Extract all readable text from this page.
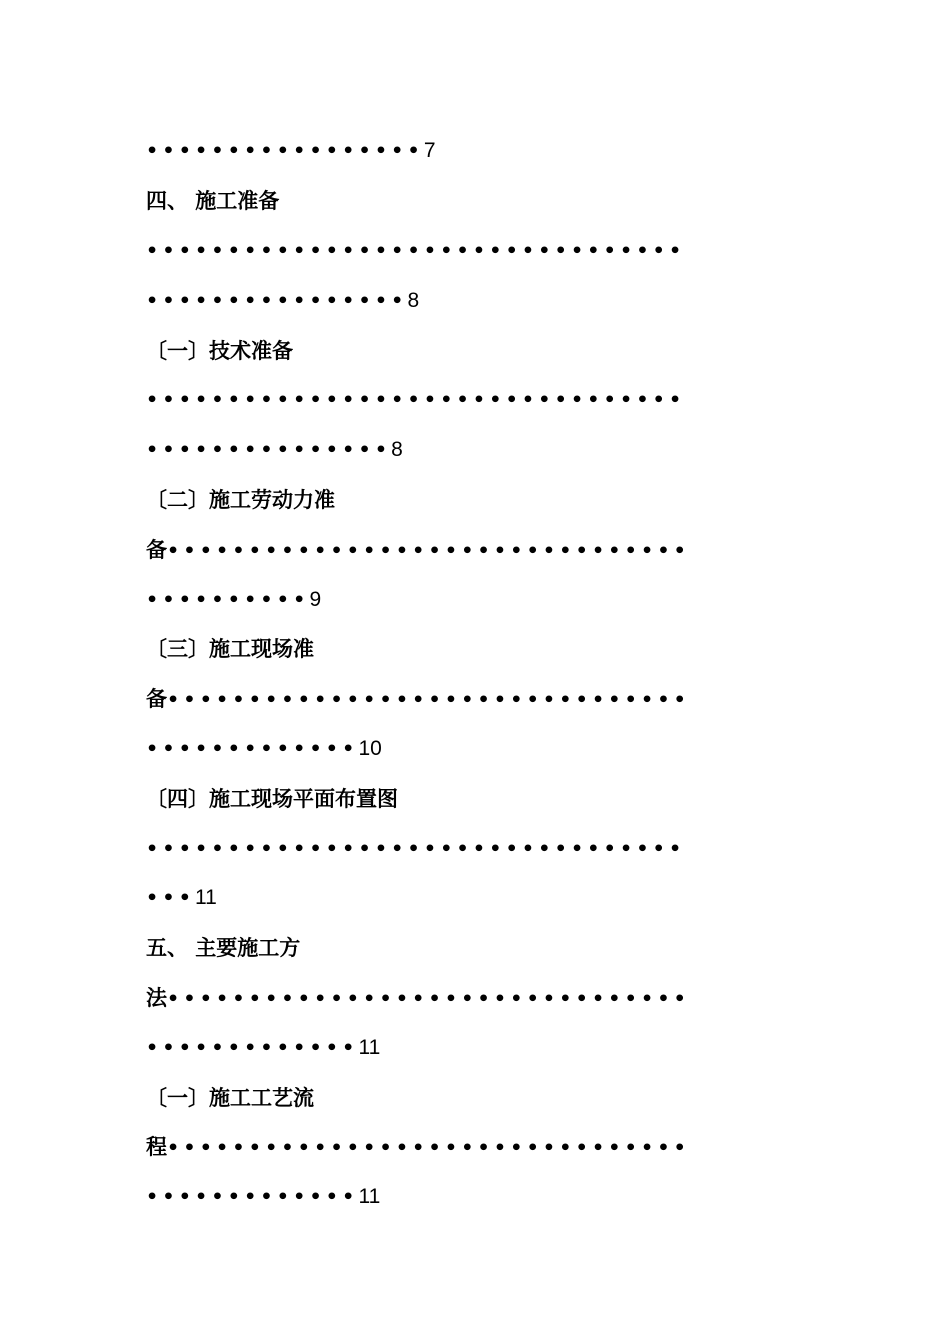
•••••••••••••••••7
四、 施工准备
•••••••••••••••••••••••••••••••••
••••••••••••••••8
〔一〕技术准备
•••••••••••••••••••••••••••••••••
•••••••••••••••8
〔二〕施工劳动力准
备••••••••••••••••••••••••••••••••
••••••••••9
〔三〕施工现场准
备••••••••••••••••••••••••••••••••
•••••••••••••10
〔四〕施工现场平面布置图
•••••••••••••••••••••••••••••••••
•••11
五、 主要施工方
法••••••••••••••••••••••••••••••••
•••••••••••••11
〔一〕施工工艺流
程••••••••••••••••••••••••••••••••
•••••••••••••11
